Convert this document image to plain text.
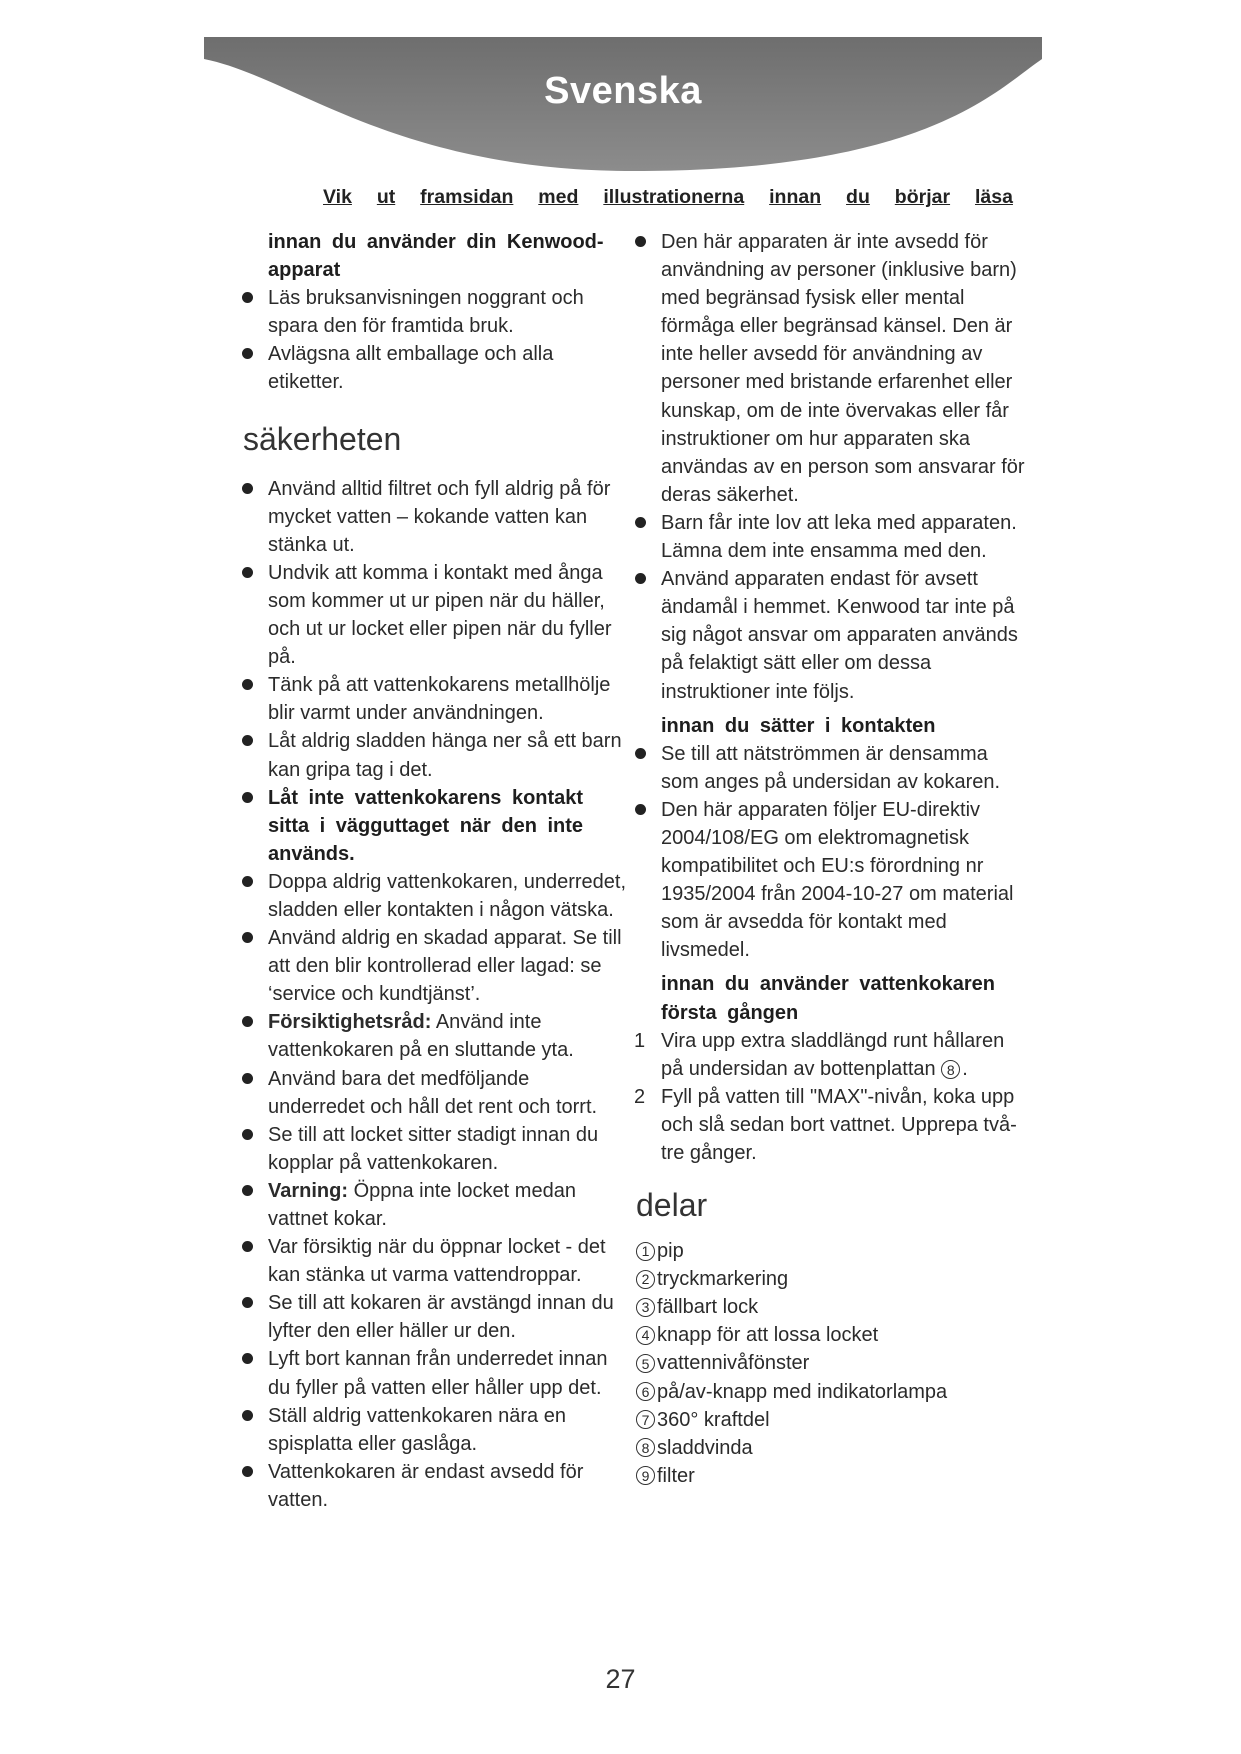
Svenska
Vik ut framsidan med illustrationerna innan du börjar läsa
innan du använder din Kenwood-apparat
Läs bruksanvisningen noggrant och spara den för framtida bruk.
Avlägsna allt emballage och alla etiketter.
säkerheten
Använd alltid filtret och fyll aldrig på för mycket vatten – kokande vatten kan stänka ut.
Undvik att komma i kontakt med ånga som kommer ut ur pipen när du häller, och ut ur locket eller pipen när du fyller på.
Tänk på att vattenkokarens metallhölje blir varmt under användningen.
Låt aldrig sladden hänga ner så ett barn kan gripa tag i det.
Låt inte vattenkokarens kontakt sitta i vägguttaget när den inte används.
Doppa aldrig vattenkokaren, underredet, sladden eller kontakten i någon vätska.
Använd aldrig en skadad apparat. Se till att den blir kontrollerad eller lagad: se ‘service och kundtjänst’.
Försiktighetsråd: Använd inte vattenkokaren på en sluttande yta.
Använd bara det medföljande underredet och håll det rent och torrt.
Se till att locket sitter stadigt innan du kopplar på vattenkokaren.
Varning: Öppna inte locket medan vattnet kokar.
Var försiktig när du öppnar locket - det kan stänka ut varma vattendroppar.
Se till att kokaren är avstängd innan du lyfter den eller häller ur den.
Lyft bort kannan från underredet innan du fyller på vatten eller håller upp det.
Ställ aldrig vattenkokaren nära en spisplatta eller gaslåga.
Vattenkokaren är endast avsedd för vatten.
Den här apparaten är inte avsedd för användning av personer (inklusive barn) med begränsad fysisk eller mental förmåga eller begränsad känsel. Den är inte heller avsedd för användning av personer med bristande erfarenhet eller kunskap, om de inte övervakas eller får instruktioner om hur apparaten ska användas av en person som ansvarar för deras säkerhet.
Barn får inte lov att leka med apparaten. Lämna dem inte ensamma med den.
Använd apparaten endast för avsett ändamål i hemmet. Kenwood tar inte på sig något ansvar om apparaten används på felaktigt sätt eller om dessa instruktioner inte följs.
innan du sätter i kontakten
Se till att nätströmmen är densamma som anges på undersidan av kokaren.
Den här apparaten följer EU-direktiv 2004/108/EG om elektromagnetisk kompatibilitet och EU:s förordning nr 1935/2004 från 2004-10-27 om material som är avsedda för kontakt med livsmedel.
innan du använder vattenkokaren första gången
1 Vira upp extra sladdlängd runt hållaren på undersidan av bottenplattan 8 .
2 Fyll på vatten till "MAX"-nivån, koka upp och slå sedan bort vattnet. Upprepa två-tre gånger.
delar
1 pip
2 tryckmarkering
3 fällbart lock
4 knapp för att lossa locket
5 vattennivåfönster
6 på/av-knapp med indikatorlampa
7 360° kraftdel
8 sladdvinda
9 filter
27
